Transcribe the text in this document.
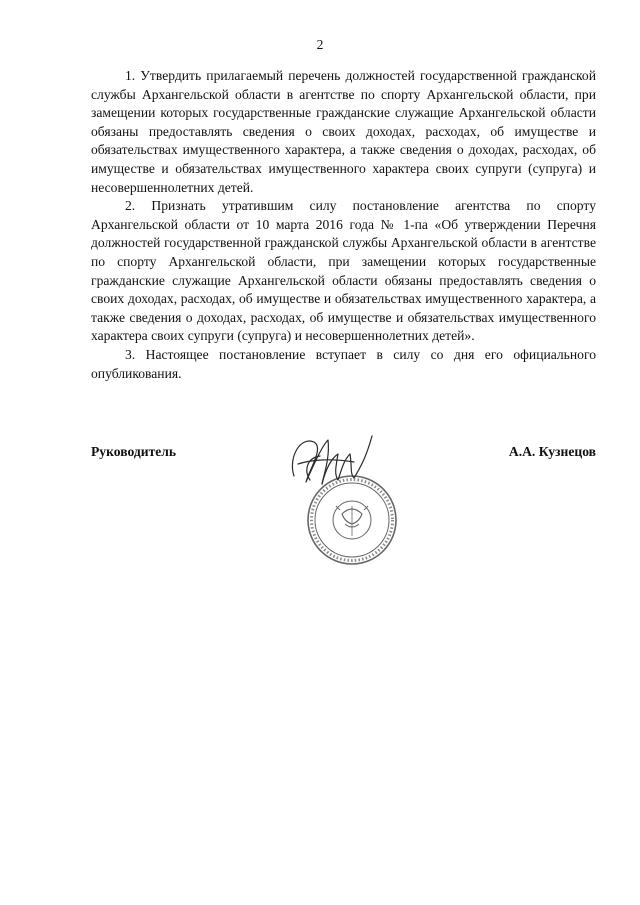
2

1. Утвердить прилагаемый перечень должностей государственной гражданской службы Архангельской области в агентстве по спорту Архангельской области, при замещении которых государственные гражданские служащие Архангельской области обязаны предоставлять сведения о своих доходах, расходах, об имуществе и обязательствах имущественного характера, а также сведения о доходах, расходах, об имуществе и обязательствах имущественного характера своих супруги (супруга) и несовершеннолетних детей.

2. Признать утратившим силу постановление агентства по спорту Архангельской области от 10 марта 2016 года № 1-па «Об утверждении Перечня должностей государственной гражданской службы Архангельской области в агентстве по спорту Архангельской области, при замещении которых государственные гражданские служащие Архангельской области обязаны предоставлять сведения о своих доходах, расходах, об имуществе и обязательствах имущественного характера, а также сведения о доходах, расходах, об имуществе и обязательствах имущественного характера своих супруги (супруга) и несовершеннолетних детей».

3. Настоящее постановление вступает в силу со дня его официального опубликования.

Руководитель	А.А. Кузнецов
